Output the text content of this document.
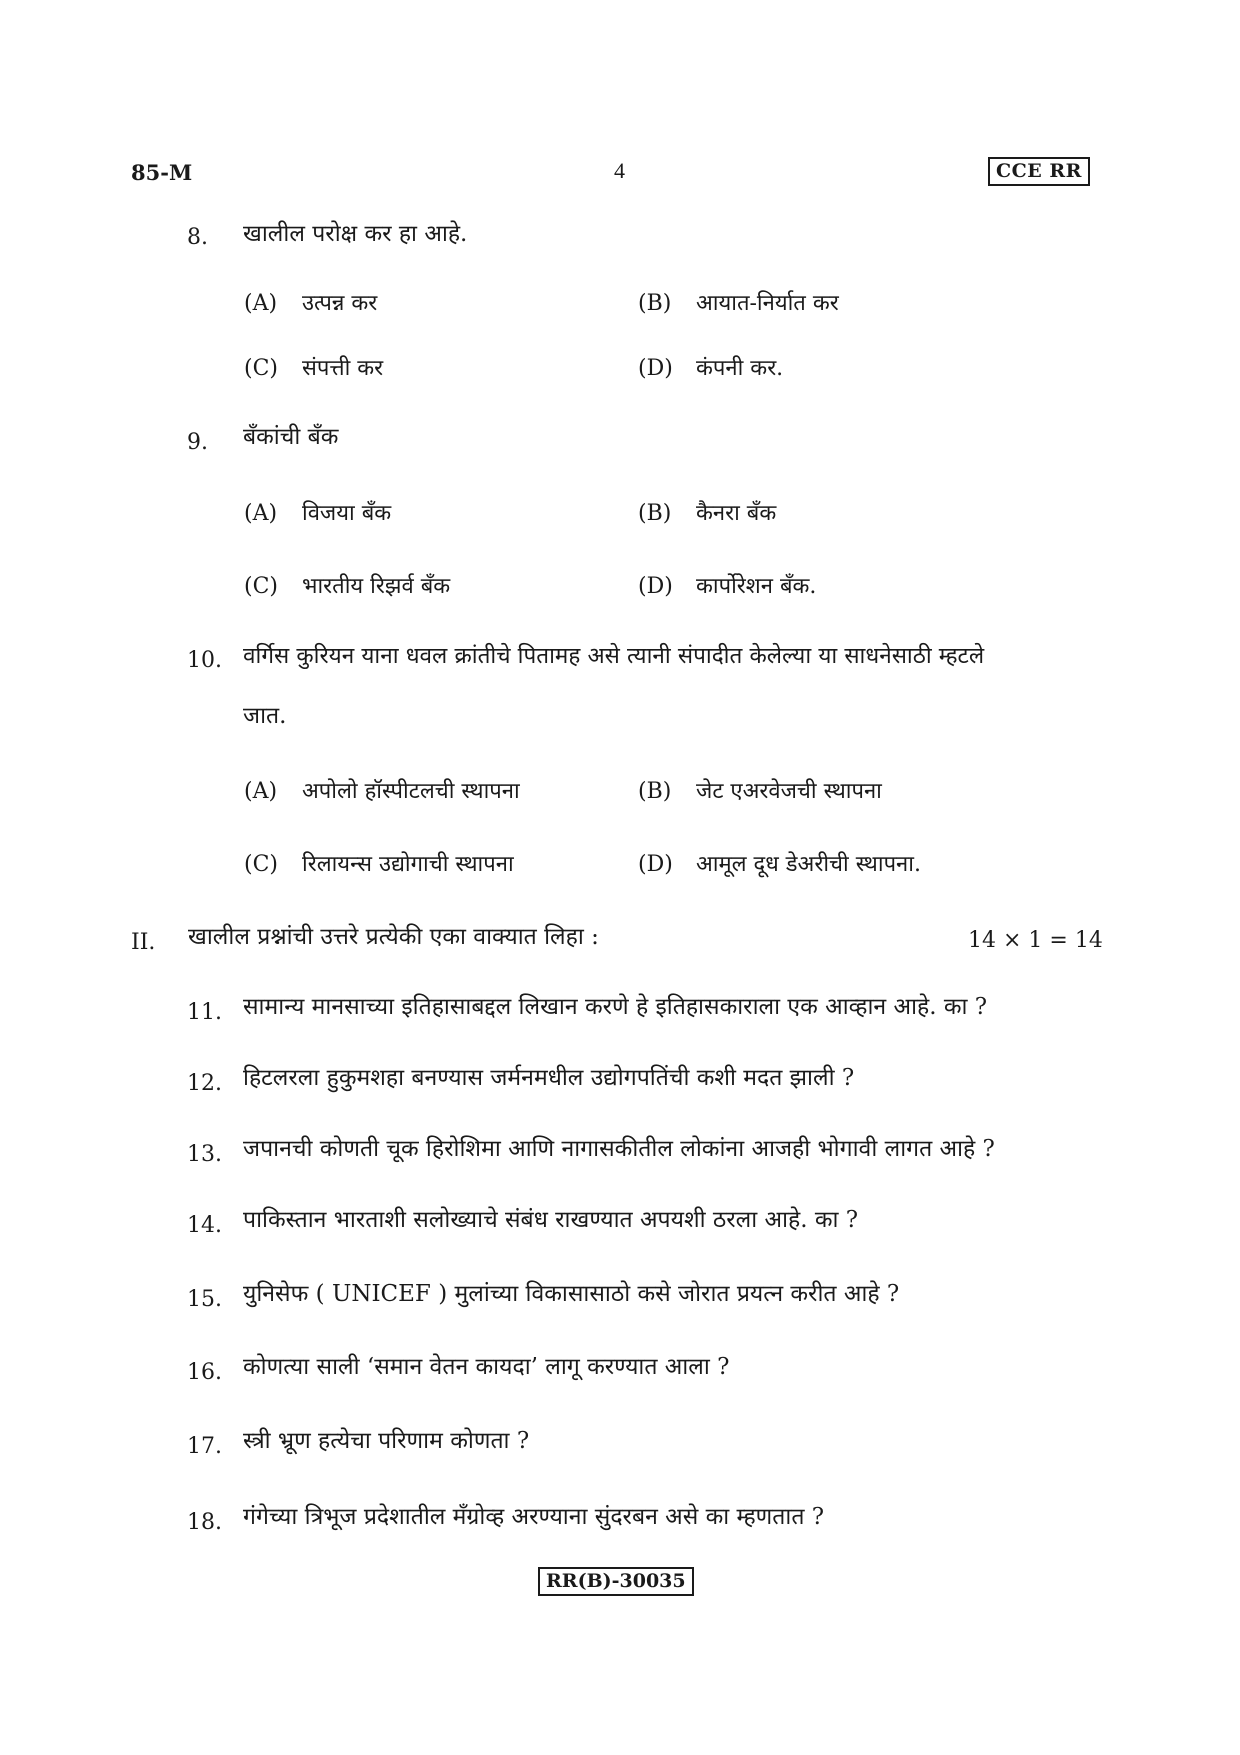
85-M	4	CCE RR
8. खालील परोक्ष कर हा आहे.
(A) उत्पन्न कर	(B) आयात-निर्यात कर
(C) संपत्ती कर	(D) कंपनी कर.
9. बँकांची बँक
(A) विजया बँक	(B) कैनरा बँक
(C) भारतीय रिझर्व बँक	(D) कार्पोरेशन बँक.
10. वर्गिस कुरियन याना धवल क्रांतीचे पितामह असे त्यानी संपादीत केलेल्या या साधनेसाठी म्हटले
जात.
(A) अपोलो हॉस्पीटलची स्थापना	(B) जेट एअरवेजची स्थापना
(C) रिलायन्स उद्योगाची स्थापना	(D) आमूल दूध डेअरीची स्थापना.
II. खालील प्रश्नांची उत्तरे प्रत्येकी एका वाक्यात लिहा :	14 × 1 = 14
11. सामान्य मानसाच्या इतिहासाबद्दल लिखान करणे हे इतिहासकाराला एक आव्हान आहे. का ?
12. हिटलरला हुकुमशहा बनण्यास जर्मनमधील उद्योगपतिंची कशी मदत झाली ?
13. जपानची कोणती चूक हिरोशिमा आणि नागासकीतील लोकांना आजही भोगावी लागत आहे ?
14. पाकिस्तान भारताशी सलोख्याचे संबंध राखण्यात अपयशी ठरला आहे. का ?
15. युनिसेफ ( UNICEF ) मुलांच्या विकासासाठो कसे जोरात प्रयत्न करीत आहे ?
16. कोणत्या साली ‘समान वेतन कायदा’ लागू करण्यात आला ?
17. स्त्री भ्रूण हत्येचा परिणाम कोणता ?
18. गंगेच्या त्रिभूज प्रदेशातील मँग्रोव्ह अरण्याना सुंदरबन असे का म्हणतात ?
RR(B)-30035
